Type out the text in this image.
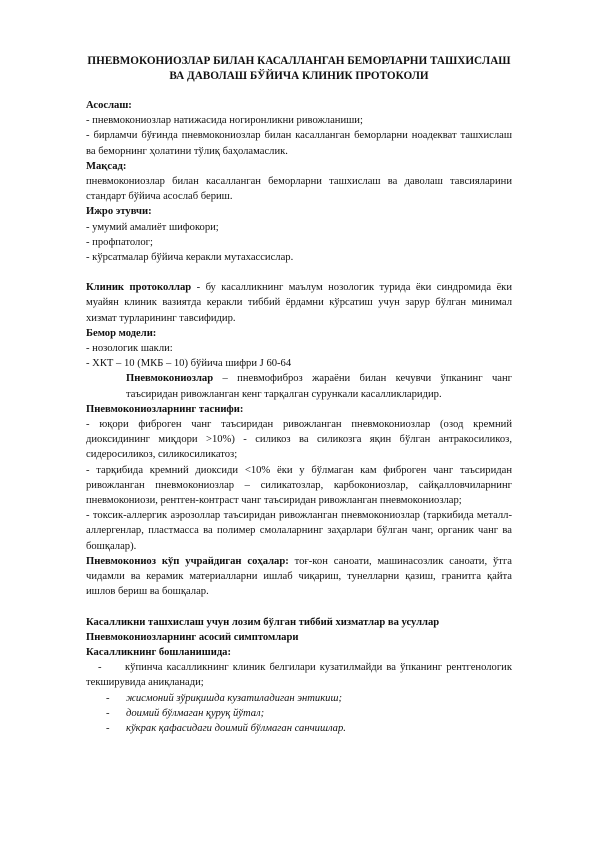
ПНЕВМОКОНИОЗЛАР БИЛАН КАСАЛЛАНГАН БЕМОРЛАРНИ ТАШХИСЛАШ
ВА ДАВОЛАШ БЎЙИЧА КЛИНИК ПРОТОКОЛИ

Асослаш:

- пневмокониозлар натижасида ногиронликни ривожланиши;

- бирламчи бўғинда пневмокониозлар билан касалланган беморларни ноадекват ташхислаш ва беморнинг ҳолатини тўлиқ баҳоламаслик.

Мақсад:

пневмокониозлар билан касалланган беморларни ташхислаш ва даволаш тавсияларини стандарт бўйича асослаб бериш.

Ижро этувчи:

- умумий амалиёт шифокори;

- профпатолог;

- кўрсатмалар бўйича керакли мутахассислар.

Клиник протоколлар - бу касалликнинг маълум нозологик турида ёки синдромида ёки муайян клиник вазиятда керакли тиббий ёрдамни кўрсатиш учун зарур бўлган минимал хизмат турларининг тавсифидир.

Бемор модели:

- нозологик шакли:

- ХКТ – 10 (МКБ – 10) бўйича шифри J 60-64

Пневмокониозлар – пневмофиброз жараёни билан кечувчи ўпканинг чанг таъсиридан ривожланган кенг тарқалган сурункали касалликларидир.

Пневмокониозларнинг таснифи:

- юқори фиброген чанг таъсиридан ривожланган пневмокониозлар (озод кремний диоксидининг миқдори >10%) - силикоз ва силикозга яқин бўлган антракосиликоз, сидеросиликоз, силикосиликатоз;

- тарқибида кремний диоксиди <10% ёки у бўлмаган кам фиброген чанг таъсиридан ривожланган пневмокониозлар – силикатозлар, карбокониозлар, сайқалловчиларнинг пневмокониози, рентген-контраст чанг таъсиридан ривожланган пневмокониозлар;

- токсик-аллергик аэрозоллар таъсиридан ривожланган пневмокониозлар (таркибида металл-аллергенлар, пластмасса ва полимер смолаларнинг заҳарлари бўлган чанг, органик чанг ва бошқалар).

Пневмокониоз кўп учрайдиган соҳалар: тоғ-кон саноати, машинасозлик саноати, ўтга чидамли ва керамик материалларни ишлаб чиқариш, тунелларни қазиш, гранитга қайта ишлов бериш ва бошқалар.

Касалликни ташхислаш учун лозим бўлган тиббий хизматлар ва усуллар

Пневмокониозларнинг асосий симптомлари

Касалликнинг бошланишида:

- кўпинча касалликнинг клиник белгилари кузатилмайди ва ўпканинг рентгенологик текширувида аниқланади;

-	жисмоний зўриқишда кузатиладиган энтикиш;
-	доимий бўлмаган қуруқ йўтал;
-	кўкрак қафасидаги доимий бўлмаган санчишлар.
